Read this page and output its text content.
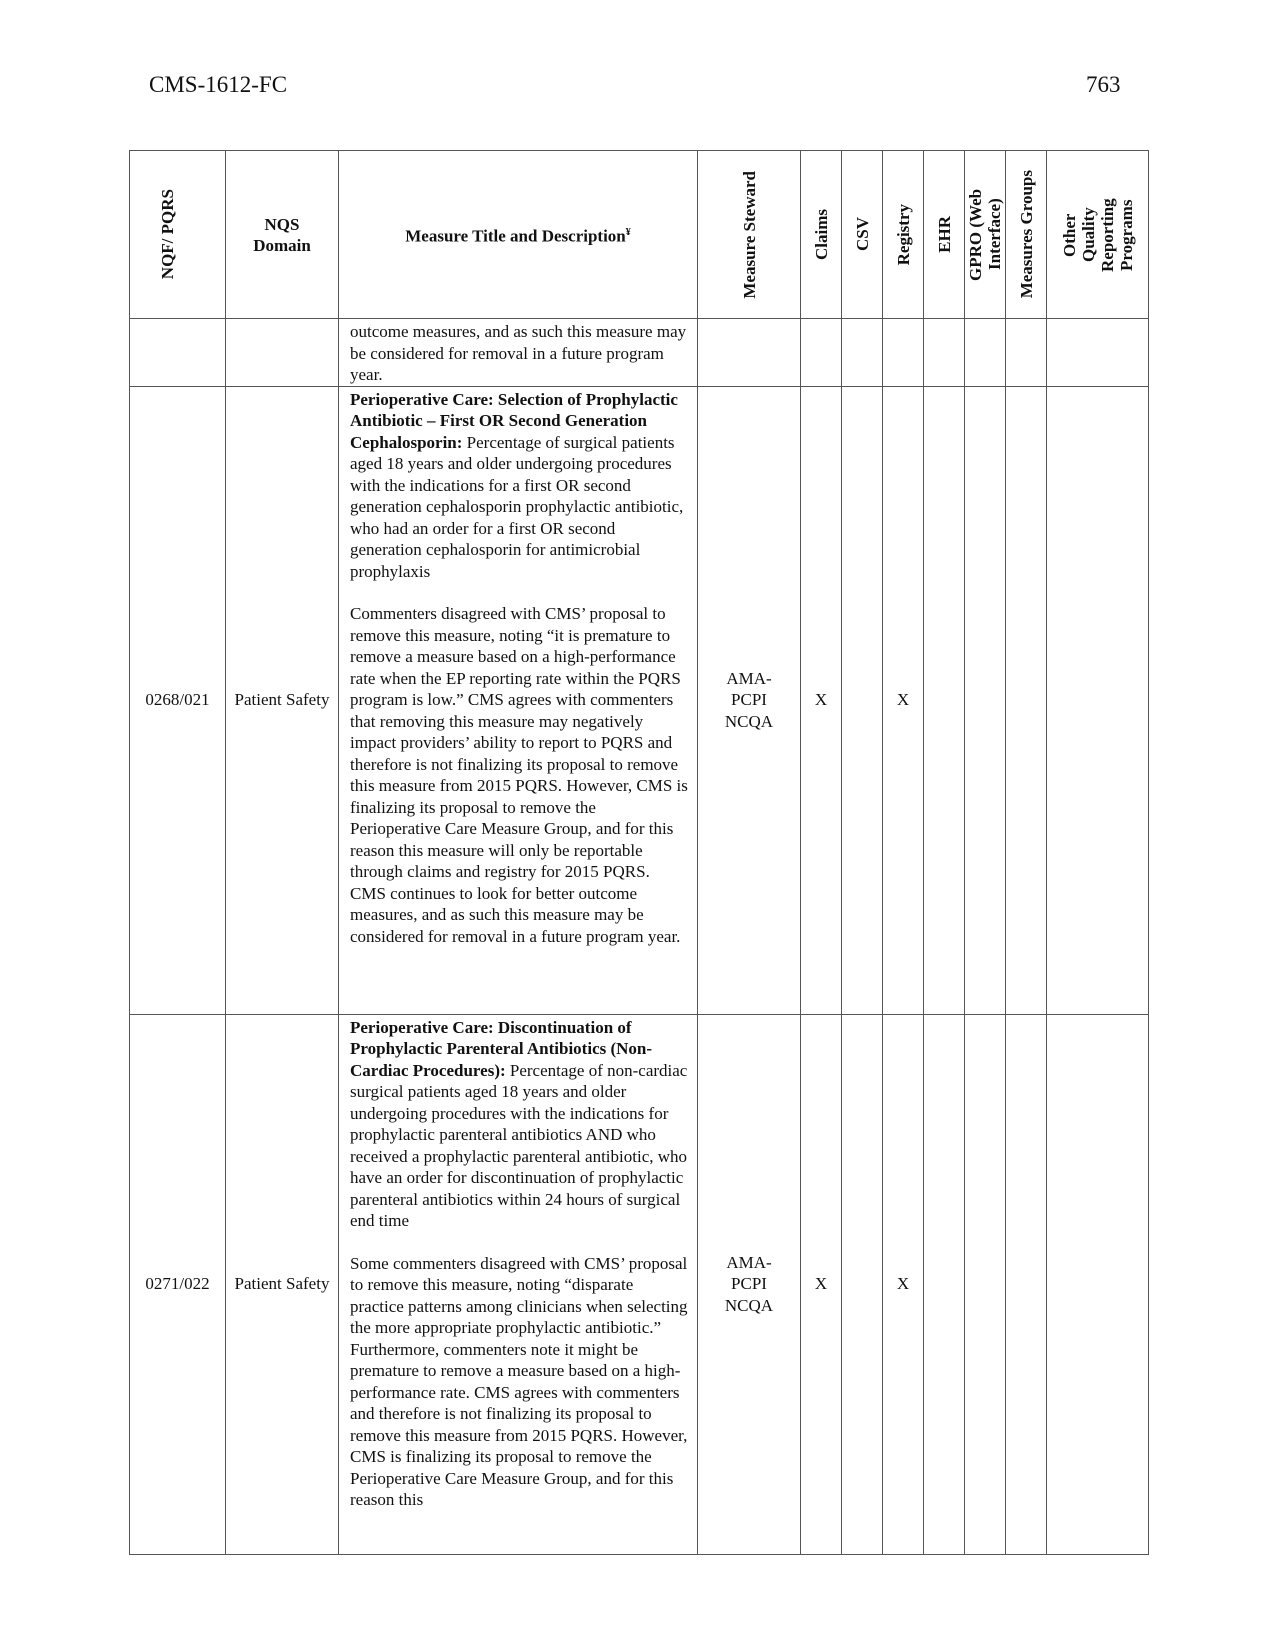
CMS-1612-FC	763
NQF/ PQRS	NQS Domain	Measure Title and Description¥	Measure Steward	Claims	CSV	Registry	EHR	GPRO (Web Interface)	Measures Groups	Other Quality Reporting Programs

		outcome measures, and as such this measure may be considered for removal in a future program year.								

0268/021	Patient Safety	Perioperative Care: Selection of Prophylactic Antibiotic – First OR Second Generation Cephalosporin: Percentage of surgical patients aged 18 years and older undergoing procedures with the indications for a first OR second generation cephalosporin prophylactic antibiotic, who had an order for a first OR second generation cephalosporin for antimicrobial prophylaxis

Commenters disagreed with CMS’ proposal to remove this measure, noting “it is premature to remove a measure based on a high-performance rate when the EP reporting rate within the PQRS program is low.” CMS agrees with commenters that removing this measure may negatively impact providers’ ability to report to PQRS and therefore is not finalizing its proposal to remove this measure from 2015 PQRS. However, CMS is finalizing its proposal to remove the Perioperative Care Measure Group, and for this reason this measure will only be reportable through claims and registry for 2015 PQRS. CMS continues to look for better outcome measures, and as such this measure may be considered for removal in a future program year.	AMA-PCPI NCQA	X		X				
0271/022	Patient Safety	Perioperative Care: Discontinuation of Prophylactic Parenteral Antibiotics (Non-Cardiac Procedures): Percentage of non-cardiac surgical patients aged 18 years and older undergoing procedures with the indications for prophylactic parenteral antibiotics AND who received a prophylactic parenteral antibiotic, who have an order for discontinuation of prophylactic parenteral antibiotics within 24 hours of surgical end time

Some commenters disagreed with CMS’ proposal to remove this measure, noting “disparate practice patterns among clinicians when selecting the more appropriate prophylactic antibiotic.” Furthermore, commenters note it might be premature to remove a measure based on a high-performance rate. CMS agrees with commenters and therefore is not finalizing its proposal to remove this measure from 2015 PQRS. However, CMS is finalizing its proposal to remove the Perioperative Care Measure Group, and for this reason this	AMA-PCPI NCQA	X		X				
